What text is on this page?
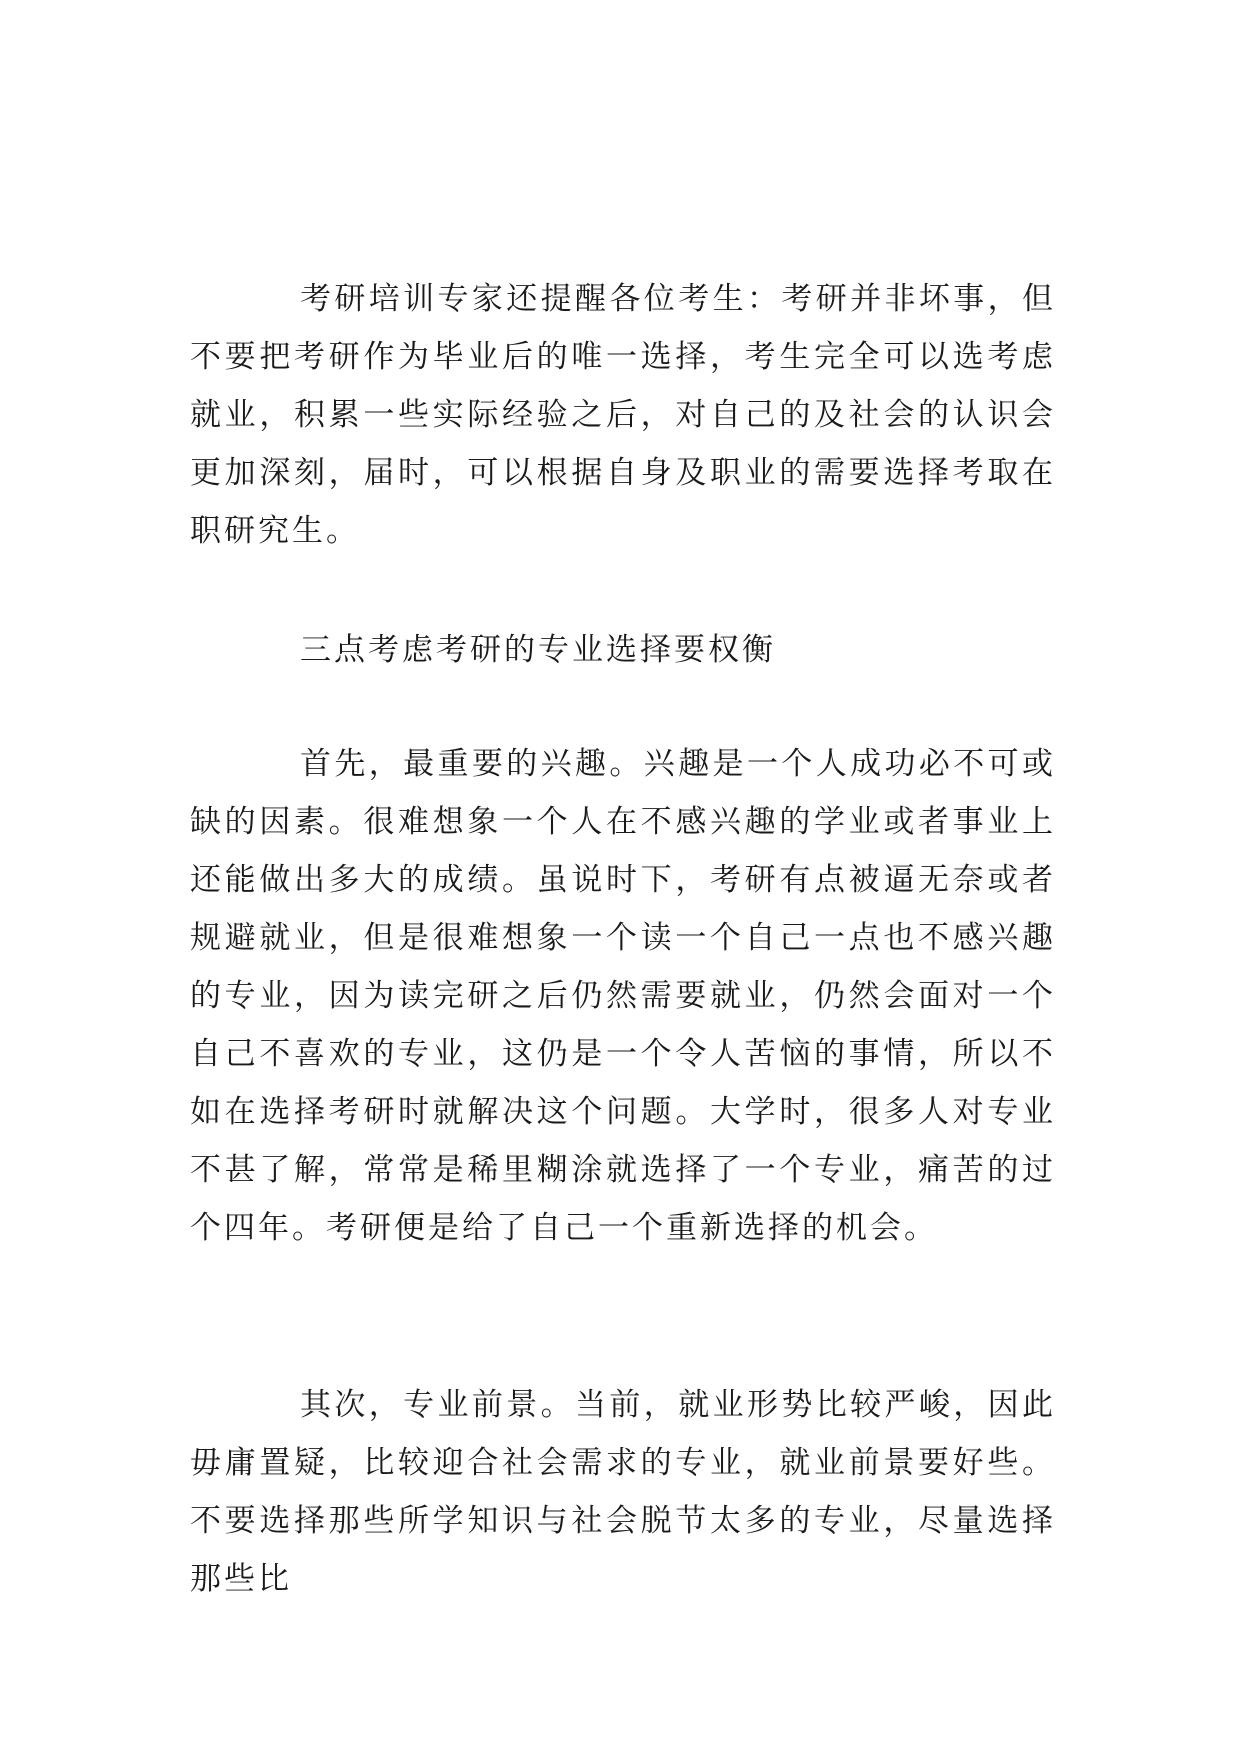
考研培训专家还提醒各位考生：考研并非坏事，但不要把考研作为毕业后的唯一选择，考生完全可以选考虑就业，积累一些实际经验之后，对自己的及社会的认识会更加深刻，届时，可以根据自身及职业的需要选择考取在职研究生。

三点考虑考研的专业选择要权衡

首先，最重要的兴趣。兴趣是一个人成功必不可或缺的因素。很难想象一个人在不感兴趣的学业或者事业上还能做出多大的成绩。虽说时下，考研有点被逼无奈或者规避就业，但是很难想象一个读一个自己一点也不感兴趣的专业，因为读完研之后仍然需要就业，仍然会面对一个自己不喜欢的专业，这仍是一个令人苦恼的事情，所以不如在选择考研时就解决这个问题。大学时，很多人对专业不甚了解，常常是稀里糊涂就选择了一个专业，痛苦的过个四年。考研便是给了自己一个重新选择的机会。

其次，专业前景。当前，就业形势比较严峻，因此毋庸置疑，比较迎合社会需求的专业，就业前景要好些。不要选择那些所学知识与社会脱节太多的专业，尽量选择那些比
